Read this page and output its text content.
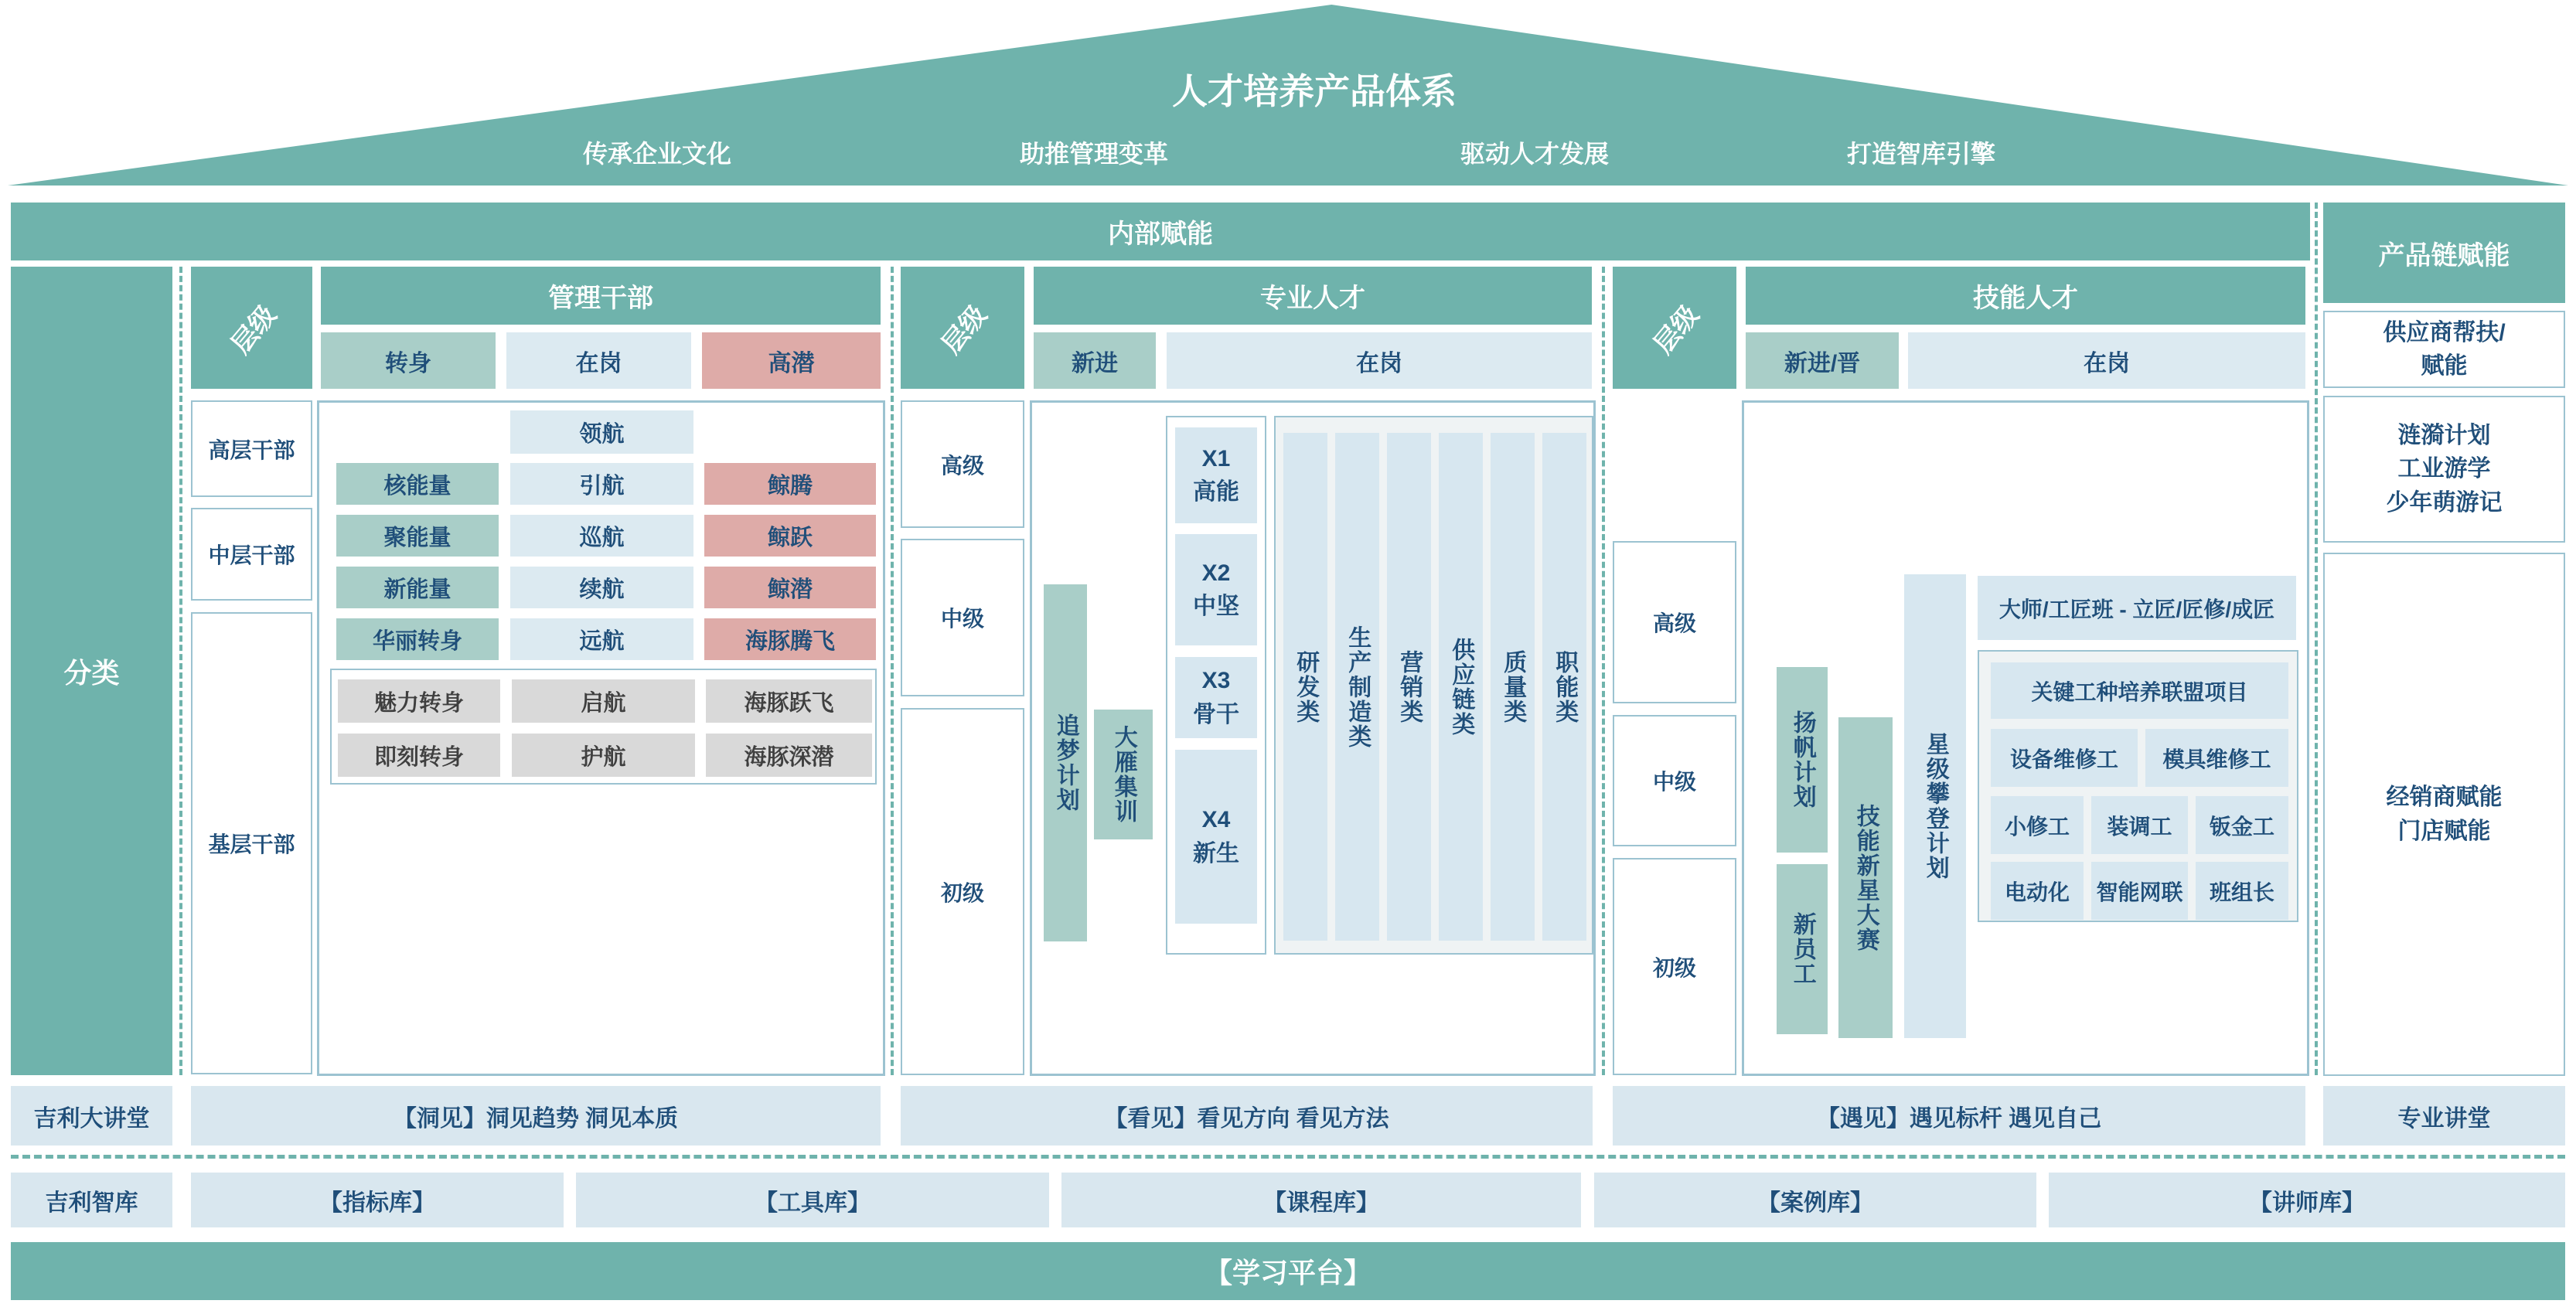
人才培养产品体系
传承企业文化	助推管理变革	驱动人才发展	打造智库引擎
内部赋能
分类
层级
管理干部
转身	在岗	高潜
高层干部
中层干部
基层干部
领航
核能量	引航	鲸腾
聚能量	巡航	鲸跃
新能量	续航	鲸潜
华丽转身	远航	海豚腾飞
魅力转身	启航	海豚跃飞
即刻转身	护航	海豚深潜
层级
专业人才
新进	在岗
高级
中级
初级
追梦计划	大雁集训
X1
高能
X2
中坚
X3
骨干
X4
新生
研发类	生产制造类	营销类	供应链类	质量类	职能类
层级
技能人才
新进/晋	在岗
高级
中级
初级
扬帆计划
新员工	技能新星大赛	星级攀登计划
大师/工匠班 - 立匠/匠修/成匠
关键工种培养联盟项目
设备维修工	模具维修工
小修工	装调工	钣金工
电动化	智能网联	班组长
产品链赋能
供应商帮扶/
赋能
涟漪计划
工业游学
少年萌游记
经销商赋能
门店赋能
专业讲堂
吉利大讲堂	【洞见】洞见趋势 洞见本质	【看见】看见方向 看见方法	【遇见】遇见标杆 遇见自己
吉利智库	【指标库】	【工具库】	【课程库】	【案例库】	【讲师库】
【学习平台】
